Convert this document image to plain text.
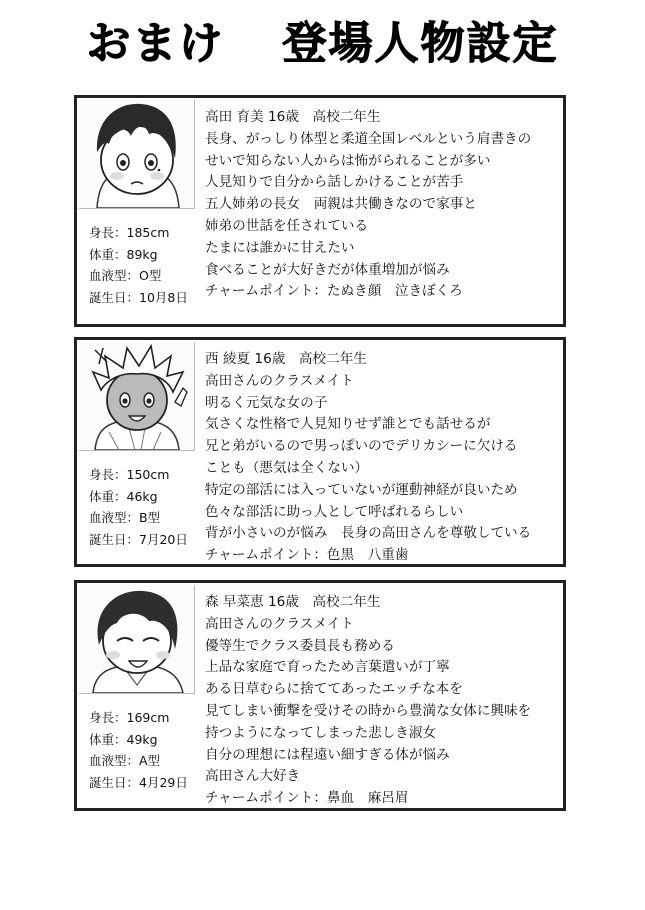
おまけ 登場人物設定
身長：185cm
体重：89kg
血液型：O型
誕生日：10月8日
高田 育美 16歳　高校二年生
長身、がっしり体型と柔道全国レベルという肩書きの
せいで知らない人からは怖がられることが多い
人見知りで自分から話しかけることが苦手
五人姉弟の長女　両親は共働きなので家事と
姉弟の世話を任されている
たまには誰かに甘えたい
食べることが大好きだが体重増加が悩み
チャームポイント：たぬき顔　泣きぼくろ
身長：150cm
体重：46kg
血液型：B型
誕生日：7月20日
西 綾夏 16歳　高校二年生
高田さんのクラスメイト
明るく元気な女の子
気さくな性格で人見知りせず誰とでも話せるが
兄と弟がいるので男っぽいのでデリカシーに欠ける
ことも（悪気は全くない）
特定の部活には入っていないが運動神経が良いため
色々な部活に助っ人として呼ばれるらしい
背が小さいのが悩み　長身の高田さんを尊敬している
チャームポイント：色黒　八重歯
身長：169cm
体重：49kg
血液型：A型
誕生日：4月29日
森 早菜恵 16歳　高校二年生
高田さんのクラスメイト
優等生でクラス委員長も務める
上品な家庭で育ったため言葉遣いが丁寧
ある日草むらに捨ててあったエッチな本を
見てしまい衝撃を受けその時から豊満な女体に興味を
持つようになってしまった悲しき淑女
自分の理想には程遠い細すぎる体が悩み
高田さん大好き
チャームポイント：鼻血　麻呂眉
